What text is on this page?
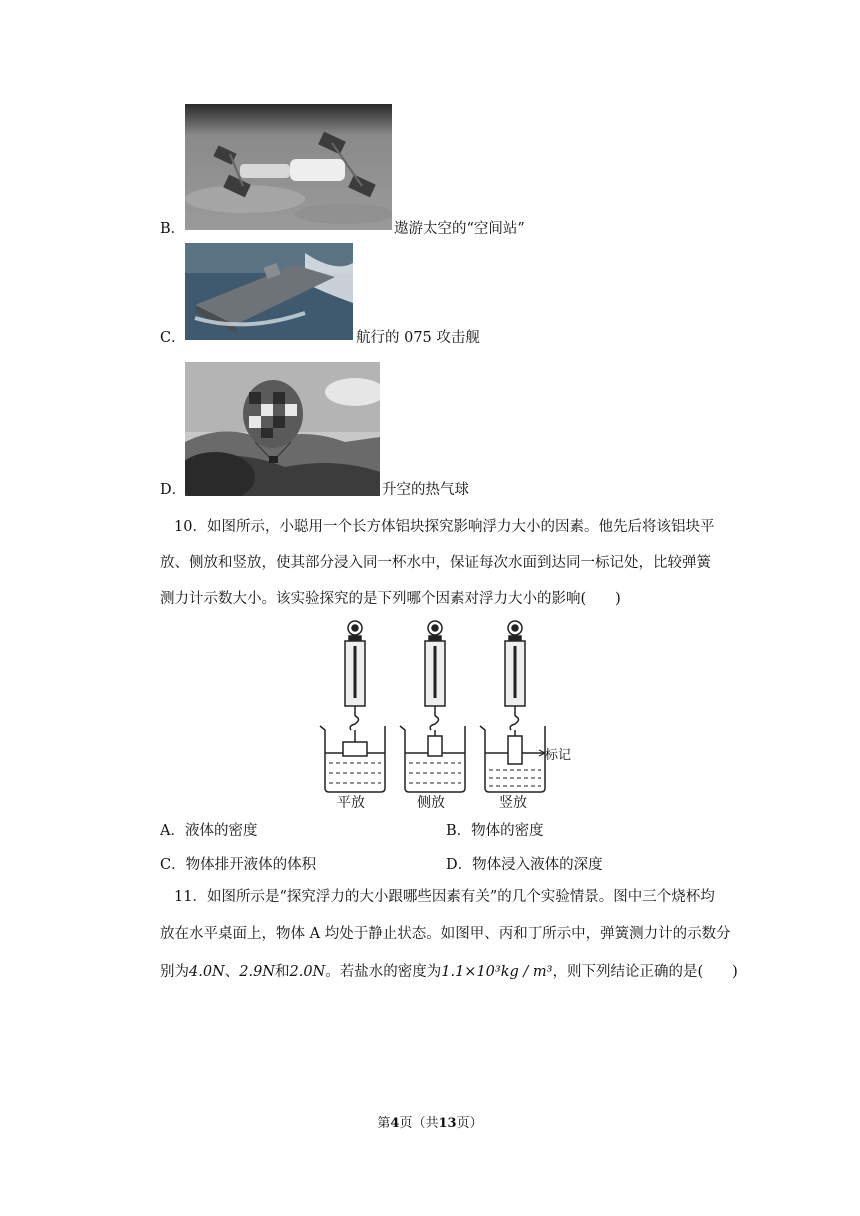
B．	遨游太空的“空间站”
C．	航行的 075 攻击舰
D．	升空的热气球
10．如图所示，小聪用一个长方体铝块探究影响浮力大小的因素。他先后将该铝块平放、侧放和竖放，使其部分浸入同一杯水中，保证每次水面到达同一标记处，比较弹簧测力计示数大小。该实验探究的是下列哪个因素对浮力大小的影响(　　)
平放	侧放	竖放
标记
A．液体的密度	B．物体的密度
C．物体排开液体的体积	D．物体浸入液体的深度
11．如图所示是“探究浮力的大小跟哪些因素有关”的几个实验情景。图中三个烧杯均
放在水平桌面上，物体 A 均处于静止状态。如图甲、丙和丁所示中，弹簧测力计的示数分
别为4.0N、2.9N和2.0N。若盐水的密度为1.1×10³kg / m³，则下列结论正确的是(　　)
第4页（共13页）
